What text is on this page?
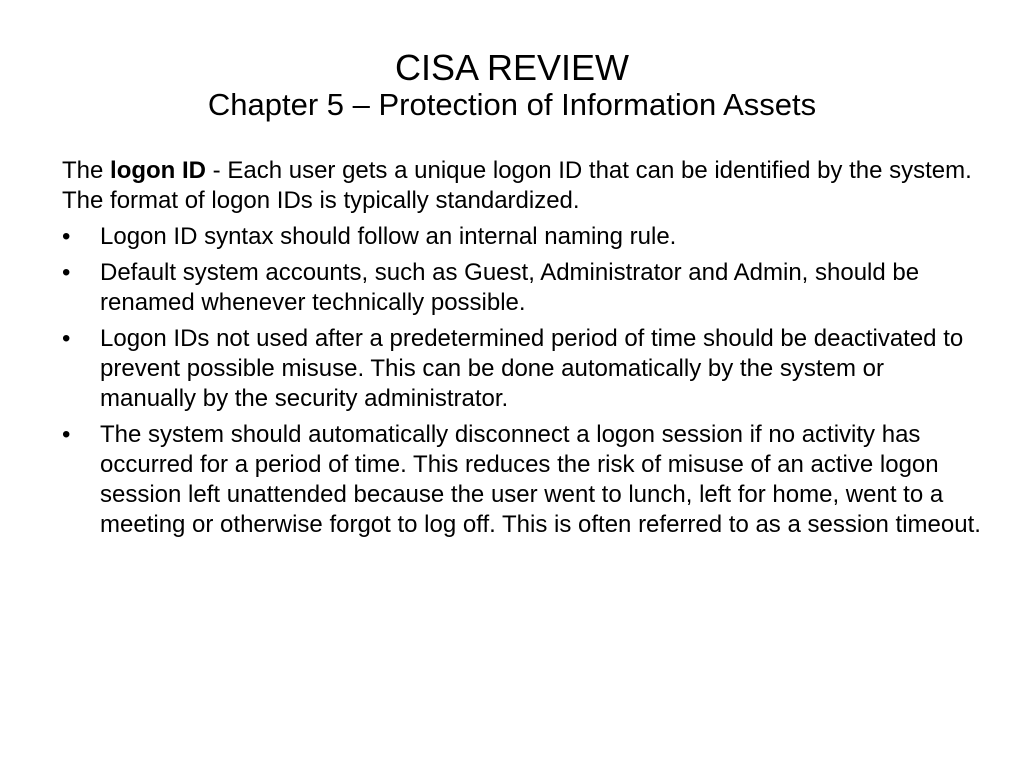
CISA REVIEW
Chapter 5 – Protection of Information Assets

The logon ID - Each user gets a unique logon ID that can be identified by the system. The format of logon IDs is typically standardized.

•	Logon ID syntax should follow an internal naming rule.
•	Default system accounts, such as Guest, Administrator and Admin, should be renamed whenever technically possible.
•	Logon IDs not used after a predetermined period of time should be deactivated to prevent possible misuse. This can be done automatically by the system or manually by the security administrator.
•	The system should automatically disconnect a logon session if no activity has occurred for a period of time. This reduces the risk of misuse of an active logon session left unattended because the user went to lunch, left for home, went to a meeting or otherwise forgot to log off. This is often referred to as a session timeout.
